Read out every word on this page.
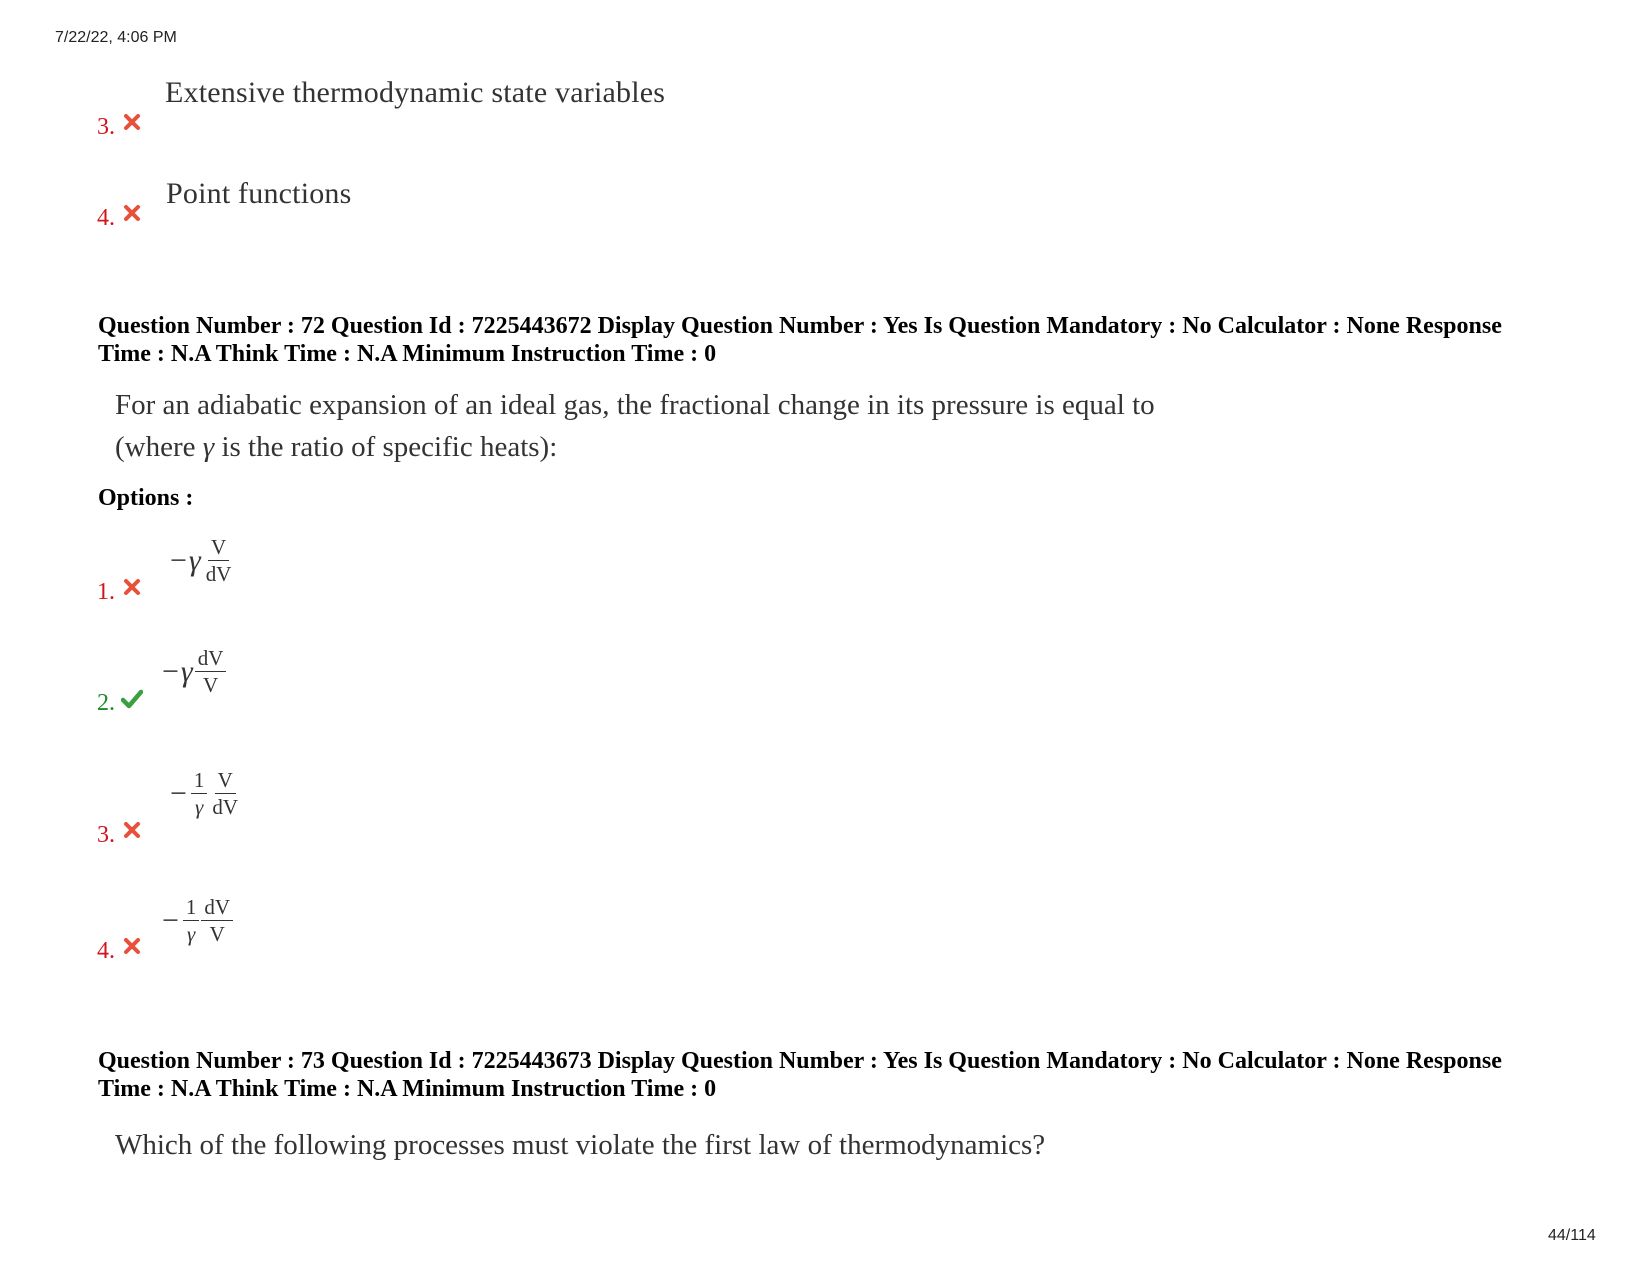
7/22/22, 4:06 PM
44/114
Extensive thermodynamic state variables
3.
Point functions
4.
Question Number : 72 Question Id : 7225443672 Display Question Number : Yes Is Question Mandatory : No Calculator : None Response
Time : N.A Think Time : N.A Minimum Instruction Time : 0
For an adiabatic expansion of an ideal gas, the fractional change in its pressure is equal to
(where γ is the ratio of specific heats):
Options :
1.
− γ $\frac{V}{dV}$
2.
− γ $\frac{dV}{V}$
3.
− $\frac{1}{\gamma} \frac{V}{dV}$
4.
− $\frac{1}{\gamma} \frac{dV}{V}$
Question Number : 73 Question Id : 7225443673 Display Question Number : Yes Is Question Mandatory : No Calculator : None Response
Time : N.A Think Time : N.A Minimum Instruction Time : 0
Which of the following processes must violate the first law of thermodynamics?
